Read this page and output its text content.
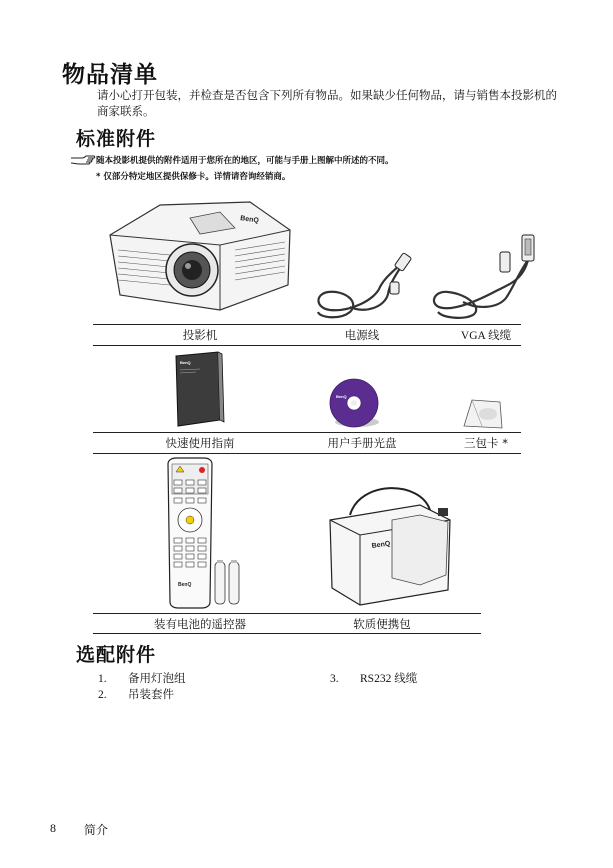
物品清单
请小心打开包装，并检查是否包含下列所有物品。如果缺少任何物品，请与销售本投影机的商家联系。
标准附件
随本投影机提供的附件适用于您所在的地区，可能与手册上图解中所述的不同。
* 仅部分特定地区提供保修卡。详情请咨询经销商。
BenQ
投影机	电源线	VGA 线缆
BenQ
BenQ
快速使用指南	用户手册光盘	三包卡 *
BenQ
BenQ
装有电池的遥控器	软质便携包
选配附件
1. 备用灯泡组
2. 吊装套件
3. RS232 线缆
8 简介
